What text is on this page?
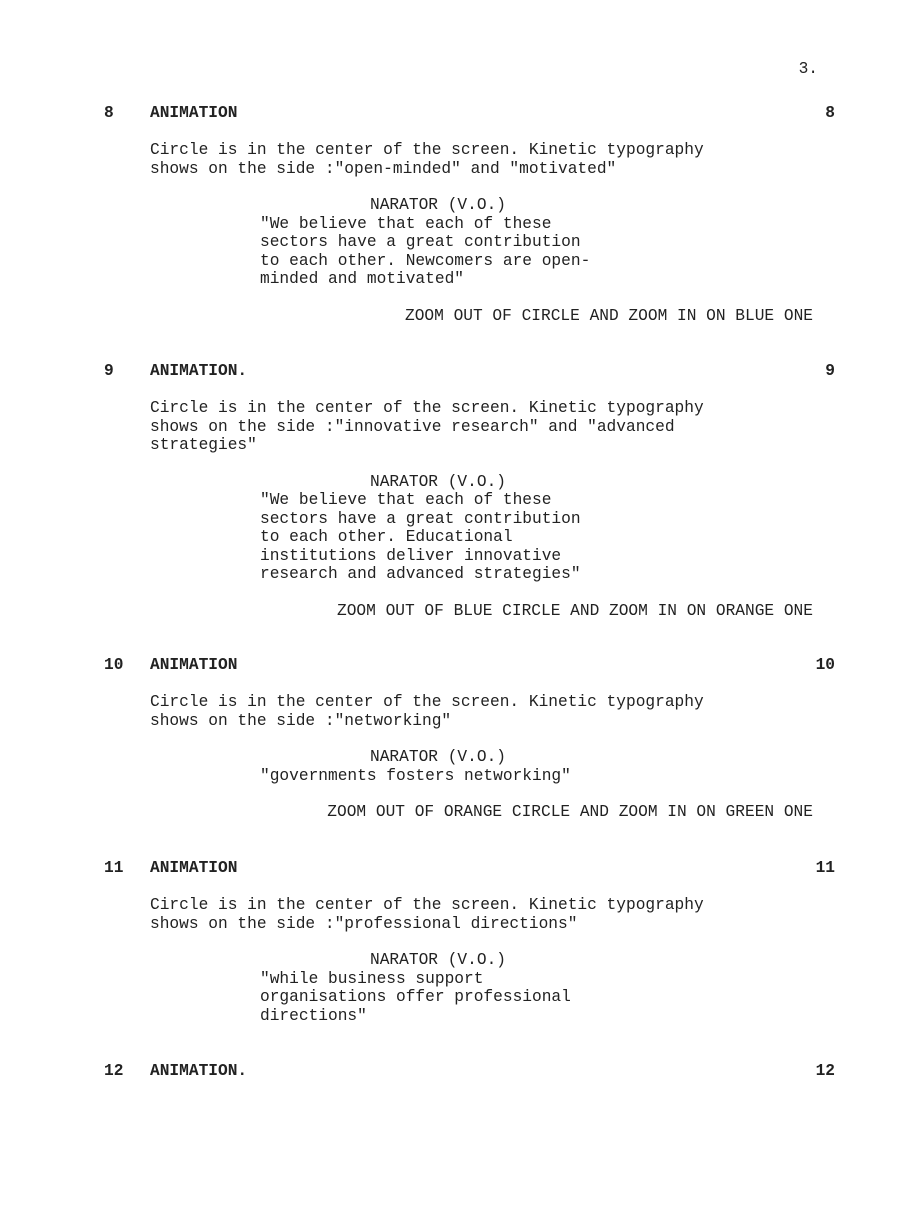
3.
8 ANIMATION	8
Circle is in the center of the screen. Kinetic typography
shows on the side :"open-minded" and "motivated"
NARATOR (V.O.)
"We believe that each of these
sectors have a great contribution
to each other. Newcomers are open-
minded and motivated"
ZOOM OUT OF CIRCLE AND ZOOM IN ON BLUE ONE
9 ANIMATION.	9
Circle is in the center of the screen. Kinetic typography
shows on the side :"innovative research" and "advanced
strategies"
NARATOR (V.O.)
"We believe that each of these
sectors have a great contribution
to each other. Educational
institutions deliver innovative
research and advanced strategies"
ZOOM OUT OF BLUE CIRCLE AND ZOOM IN ON ORANGE ONE
10 ANIMATION	10
Circle is in the center of the screen. Kinetic typography
shows on the side :"networking"
NARATOR (V.O.)
"governments fosters networking"
ZOOM OUT OF ORANGE CIRCLE AND ZOOM IN ON GREEN ONE
11 ANIMATION	11
Circle is in the center of the screen. Kinetic typography
shows on the side :"professional directions"
NARATOR (V.O.)
"while business support
organisations offer professional
directions"
12 ANIMATION.	12
